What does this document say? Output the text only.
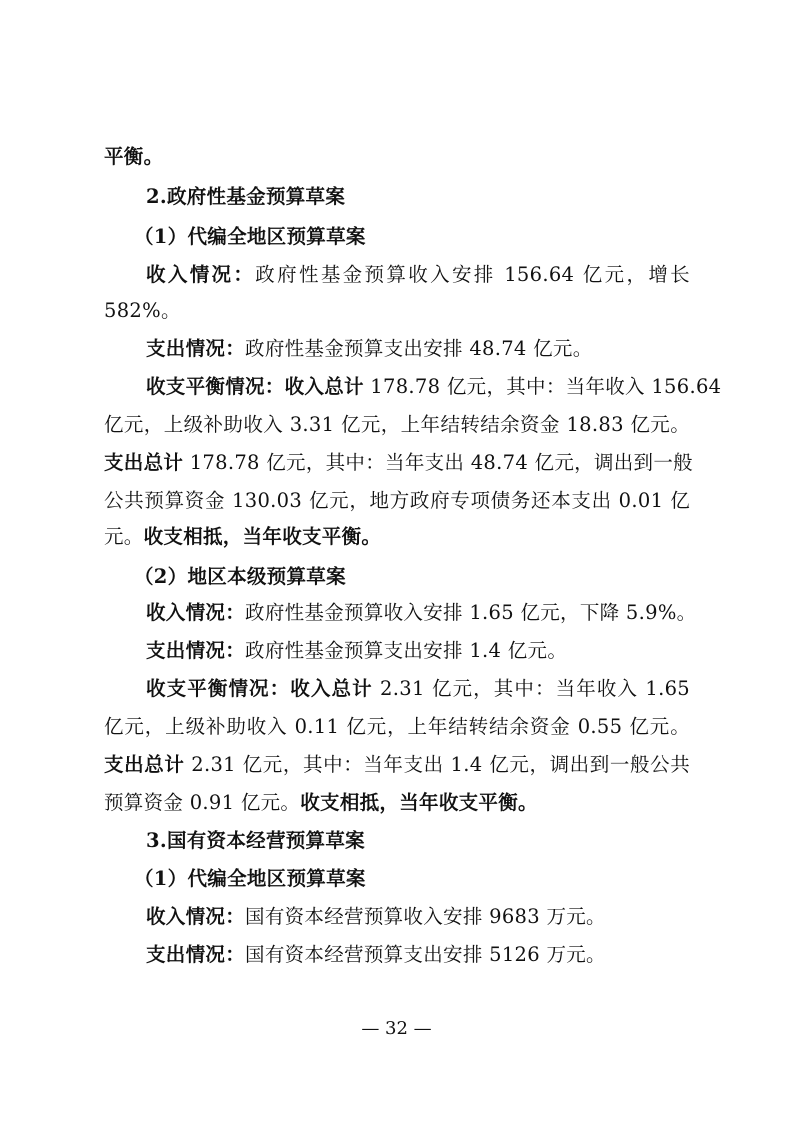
平衡。
2.政府性基金预算草案
（1）代编全地区预算草案
收入情况：政府性基金预算收入安排 156.64 亿元，增长
582%。
支出情况：政府性基金预算支出安排 48.74 亿元。
收支平衡情况：收入总计 178.78 亿元，其中：当年收入 156.64
亿元，上级补助收入 3.31 亿元，上年结转结余资金 18.83 亿元。
支出总计 178.78 亿元，其中：当年支出 48.74 亿元，调出到一般
公共预算资金 130.03 亿元，地方政府专项债务还本支出 0.01 亿
元。收支相抵，当年收支平衡。
（2）地区本级预算草案
收入情况：政府性基金预算收入安排 1.65 亿元，下降 5.9%。
支出情况：政府性基金预算支出安排 1.4 亿元。
收支平衡情况：收入总计 2.31 亿元，其中：当年收入 1.65
亿元，上级补助收入 0.11 亿元，上年结转结余资金 0.55 亿元。
支出总计 2.31 亿元，其中：当年支出 1.4 亿元，调出到一般公共
预算资金 0.91 亿元。收支相抵，当年收支平衡。
3.国有资本经营预算草案
（1）代编全地区预算草案
收入情况：国有资本经营预算收入安排 9683 万元。
支出情况：国有资本经营预算支出安排 5126 万元。
— 32 —
